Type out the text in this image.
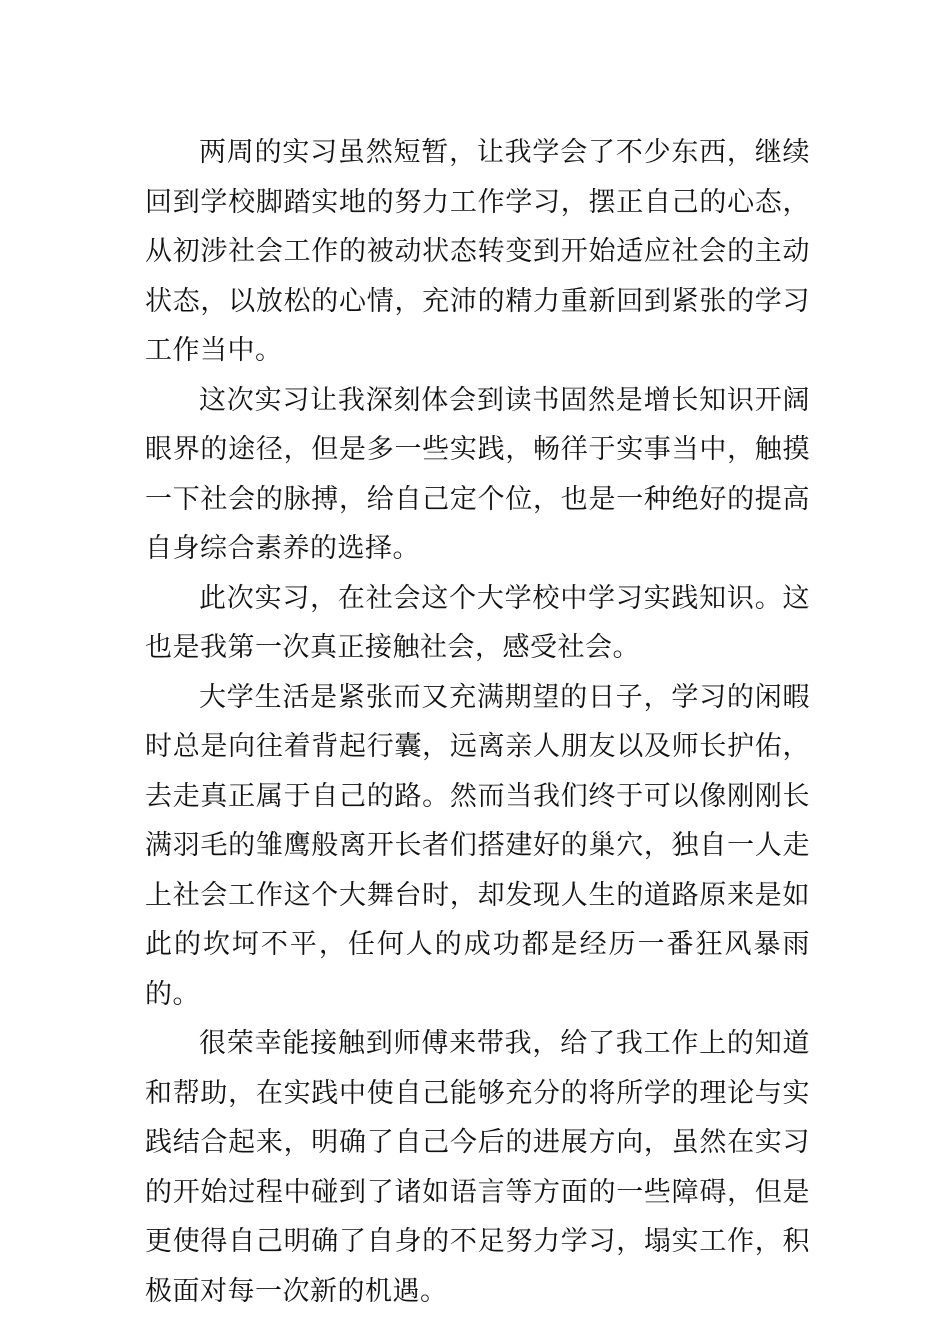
两周的实习虽然短暂，让我学会了不少东西，继续回到学校脚踏实地的努力工作学习，摆正自己的心态，从初涉社会工作的被动状态转变到开始适应社会的主动状态，以放松的心情，充沛的精力重新回到紧张的学习工作当中。

这次实习让我深刻体会到读书固然是增长知识开阔眼界的途径，但是多一些实践，畅徉于实事当中，触摸一下社会的脉搏，给自己定个位，也是一种绝好的提高自身综合素养的选择。

此次实习，在社会这个大学校中学习实践知识。这也是我第一次真正接触社会，感受社会。

大学生活是紧张而又充满期望的日子，学习的闲暇时总是向往着背起行囊，远离亲人朋友以及师长护佑，去走真正属于自己的路。然而当我们终于可以像刚刚长满羽毛的雏鹰般离开长者们搭建好的巢穴，独自一人走上社会工作这个大舞台时，却发现人生的道路原来是如此的坎坷不平，任何人的成功都是经历一番狂风暴雨的。

很荣幸能接触到师傅来带我，给了我工作上的知道和帮助，在实践中使自己能够充分的将所学的理论与实践结合起来，明确了自己今后的进展方向，虽然在实习的开始过程中碰到了诸如语言等方面的一些障碍，但是更使得自己明确了自身的不足努力学习，塌实工作，积极面对每一次新的机遇。
